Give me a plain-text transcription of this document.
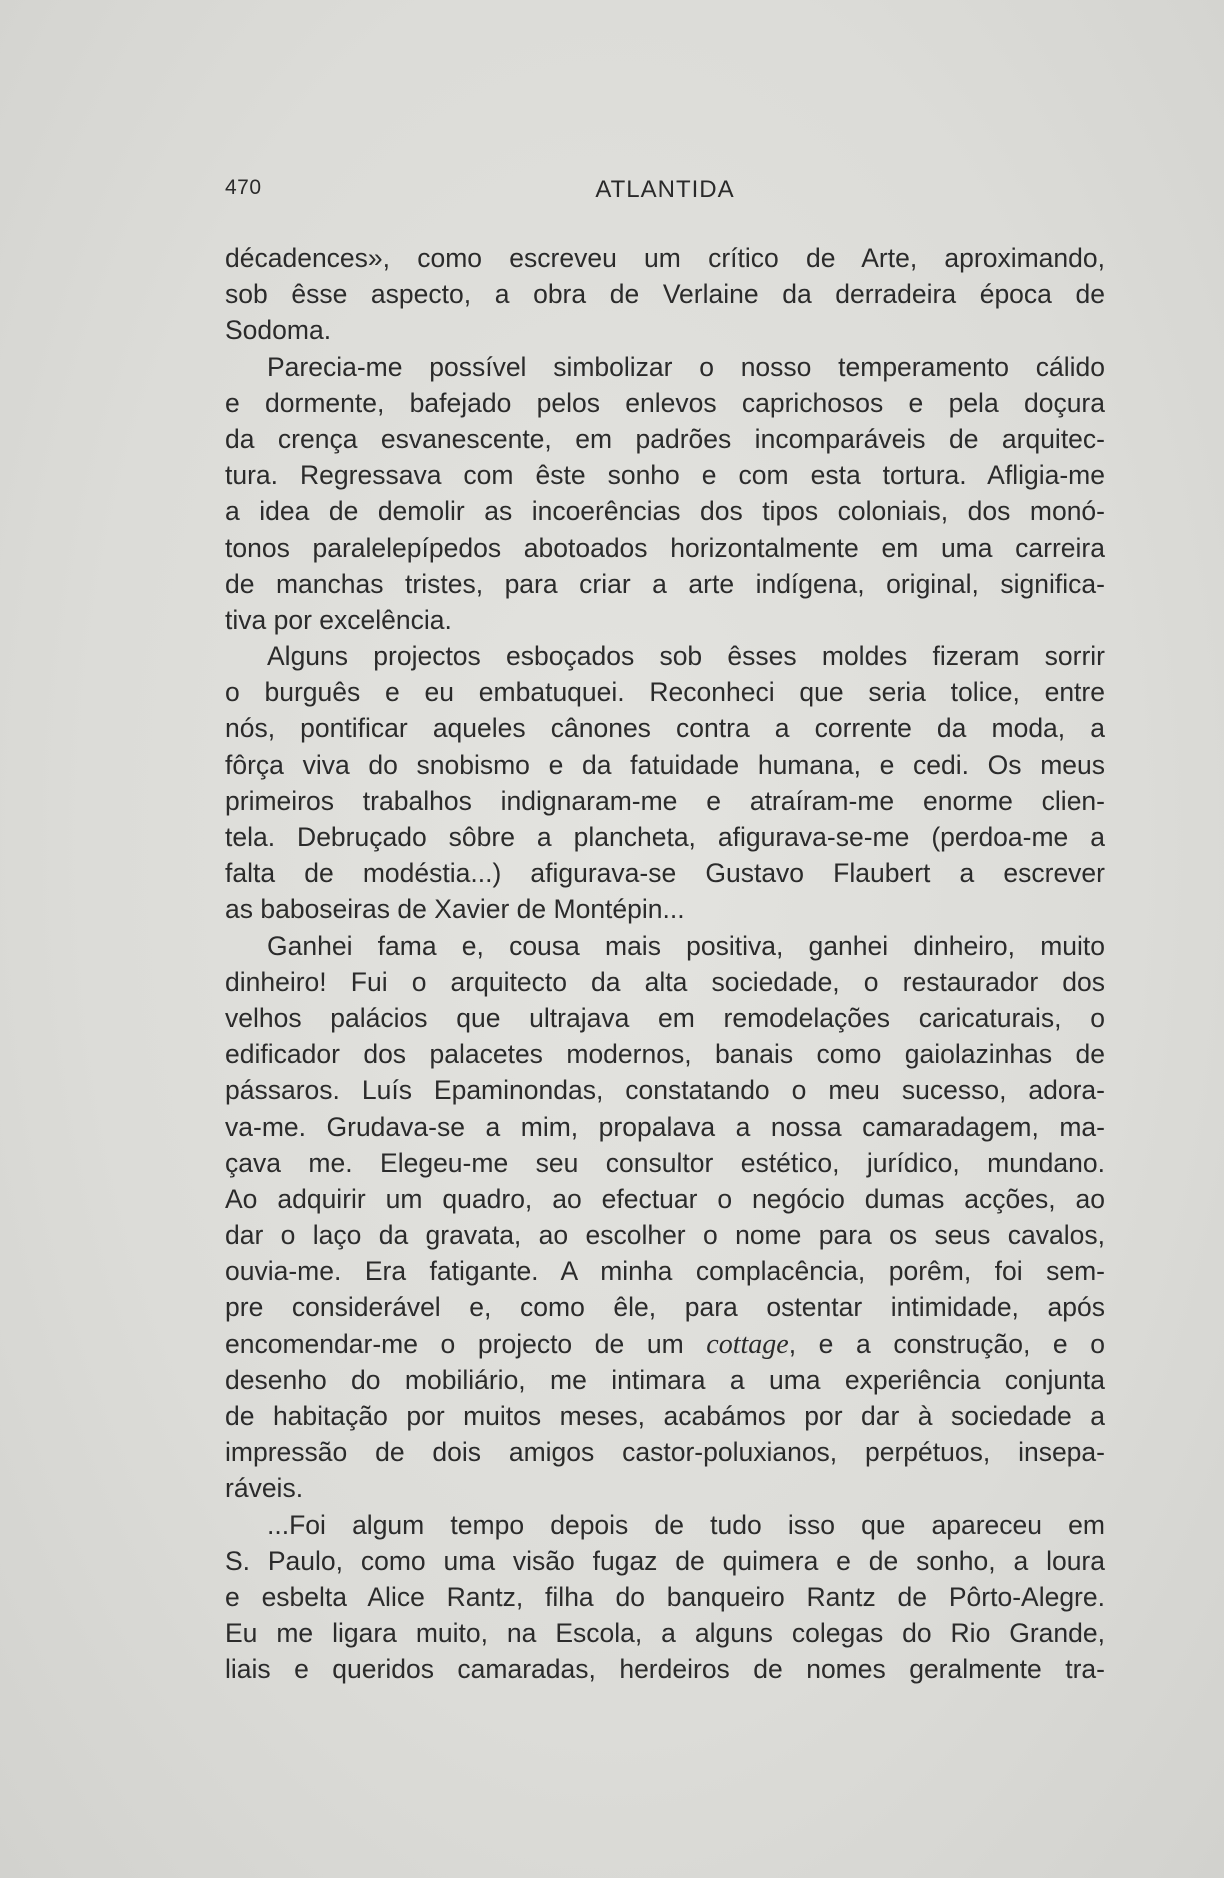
470	ATLANTIDA
décadences», como escreveu um crítico de Arte, aproximando,
sob êsse aspecto, a obra de Verlaine da derradeira época de
Sodoma.
Parecia-me possível simbolizar o nosso temperamento cálido
e dormente, bafejado pelos enlevos caprichosos e pela doçura
da crença esvanescente, em padrões incomparáveis de arquitec-
tura. Regressava com êste sonho e com esta tortura. Afligia-me
a idea de demolir as incoerências dos tipos coloniais, dos monó-
tonos paralelepípedos abotoados horizontalmente em uma carreira
de manchas tristes, para criar a arte indígena, original, significa-
tiva por excelência.
Alguns projectos esboçados sob êsses moldes fizeram sorrir
o burguês e eu embatuquei. Reconheci que seria tolice, entre
nós, pontificar aqueles cânones contra a corrente da moda, a
fôrça viva do snobismo e da fatuidade humana, e cedi. Os meus
primeiros trabalhos indignaram-me e atraíram-me enorme clien-
tela. Debruçado sôbre a plancheta, afigurava-se-me (perdoa-me a
falta de modéstia...) afigurava-se Gustavo Flaubert a escrever
as baboseiras de Xavier de Montépin...
Ganhei fama e, cousa mais positiva, ganhei dinheiro, muito
dinheiro! Fui o arquitecto da alta sociedade, o restaurador dos
velhos palácios que ultrajava em remodelações caricaturais, o
edificador dos palacetes modernos, banais como gaiolazinhas de
pássaros. Luís Epaminondas, constatando o meu sucesso, adora-
va-me. Grudava-se a mim, propalava a nossa camaradagem, ma-
çava me. Elegeu-me seu consultor estético, jurídico, mundano.
Ao adquirir um quadro, ao efectuar o negócio dumas acções, ao
dar o laço da gravata, ao escolher o nome para os seus cavalos,
ouvia-me. Era fatigante. A minha complacência, porêm, foi sem-
pre considerável e, como êle, para ostentar intimidade, após
encomendar-me o projecto de um cottage, e a construção, e o
desenho do mobiliário, me intimara a uma experiência conjunta
de habitação por muitos meses, acabámos por dar à sociedade a
impressão de dois amigos castor-poluxianos, perpétuos, insepa-
ráveis.
...Foi algum tempo depois de tudo isso que apareceu em
S. Paulo, como uma visão fugaz de quimera e de sonho, a loura
e esbelta Alice Rantz, filha do banqueiro Rantz de Pôrto-Alegre.
Eu me ligara muito, na Escola, a alguns colegas do Rio Grande,
liais e queridos camaradas, herdeiros de nomes geralmente tra-
